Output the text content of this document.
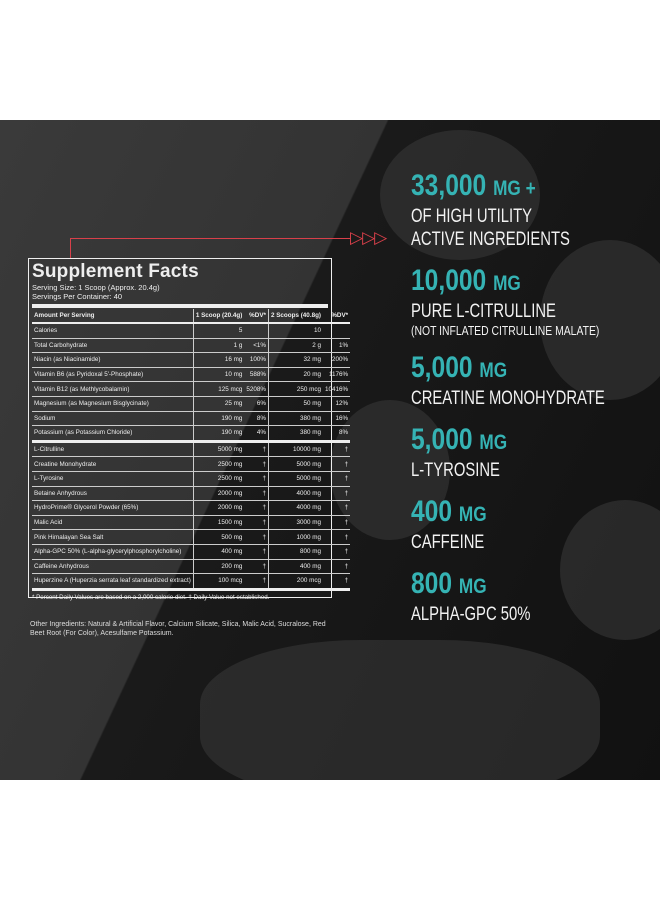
▷▷▷
Supplement Facts
Serving Size: 1 Scoop (Approx. 20.4g)
Servings Per Container: 40
Amount Per Serving	1 Scoop (20.4g)	%DV*	2 Scoops (40.8g)	%DV*
Calories	5		10	
Total Carbohydrate	1 g	<1%	2 g	1%
Niacin (as Niacinamide)	16 mg	100%	32 mg	200%
Vitamin B6 (as Pyridoxal 5'-Phosphate)	10 mg	588%	20 mg	1176%
Vitamin B12 (as Methlycobalamin)	125 mcg	5208%	250 mcg	10416%
Magnesium (as Magnesium Bisglycinate)	25 mg	6%	50 mg	12%
Sodium	190 mg	8%	380 mg	16%
Potassium (as Potassium Chloride)	190 mg	4%	380 mg	8%
L-Citrulline	5000 mg	†	10000 mg	†
Creatine Monohydrate	2500 mg	†	5000 mg	†
L-Tyrosine	2500 mg	†	5000 mg	†
Betaine Anhydrous	2000 mg	†	4000 mg	†
HydroPrime® Glycerol Powder (65%)	2000 mg	†	4000 mg	†
Malic Acid	1500 mg	†	3000 mg	†
Pink Himalayan Sea Salt	500 mg	†	1000 mg	†
Alpha-GPC 50% (L-alpha-glycerylphosphorylcholine)	400 mg	†	800 mg	†
Caffeine Anhydrous	200 mg	†	400 mg	†
Huperzine A (Huperzia serrata leaf standardized extract)	100 mcg	†	200 mcg	†
* Percent Daily Values are based on a 2,000 calorie diet. † Daily Value not established.
Other Ingredients: Natural & Artificial Flavor, Calcium Silicate, Silica, Malic Acid, Sucralose, Red Beet Root (For Color), Acesulfame Potassium.
33,000 MG +
OF HIGH UTILITY
ACTIVE INGREDIENTS
10,000 MG
PURE L-CITRULLINE
(NOT INFLATED CITRULLINE MALATE)
5,000 MG
CREATINE MONOHYDRATE
5,000 MG
L-TYROSINE
400 MG
CAFFEINE
800 MG
ALPHA-GPC 50%
